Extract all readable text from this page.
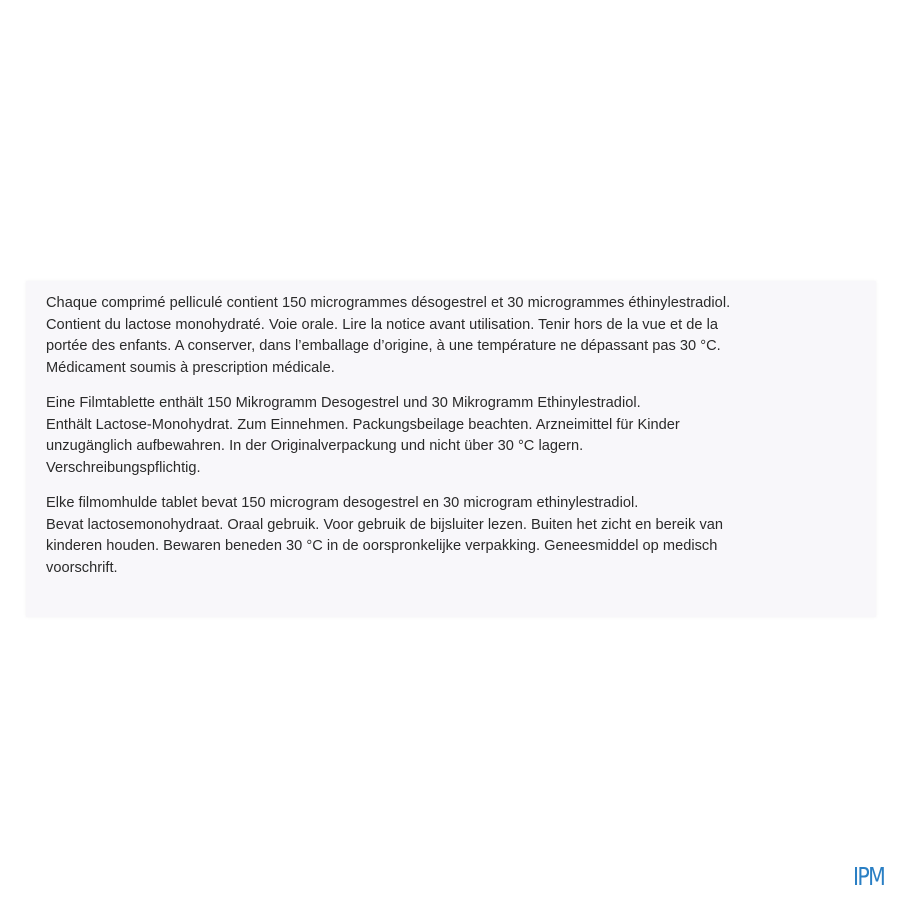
Chaque comprimé pelliculé contient 150 microgrammes désogestrel et 30 microgrammes éthinylestradiol.
Contient du lactose monohydraté. Voie orale. Lire la notice avant utilisation. Tenir hors de la vue et de la
portée des enfants. A conserver, dans l’emballage d’origine, à une température ne dépassant pas 30 °C.
Médicament soumis à prescription médicale.

Eine Filmtablette enthält 150 Mikrogramm Desogestrel und 30 Mikrogramm Ethinylestradiol.
Enthält Lactose-Monohydrat. Zum Einnehmen. Packungsbeilage beachten. Arzneimittel für Kinder
unzugänglich aufbewahren. In der Originalverpackung und nicht über 30 °C lagern.
Verschreibungspflichtig.

Elke filmomhulde tablet bevat 150 microgram desogestrel en 30 microgram ethinylestradiol.
Bevat lactosemonohydraat. Oraal gebruik. Voor gebruik de bijsluiter lezen. Buiten het zicht en bereik van
kinderen houden. Bewaren beneden 30 °C in de oorspronkelijke verpakking. Geneesmiddel op medisch
voorschrift.

IPM
